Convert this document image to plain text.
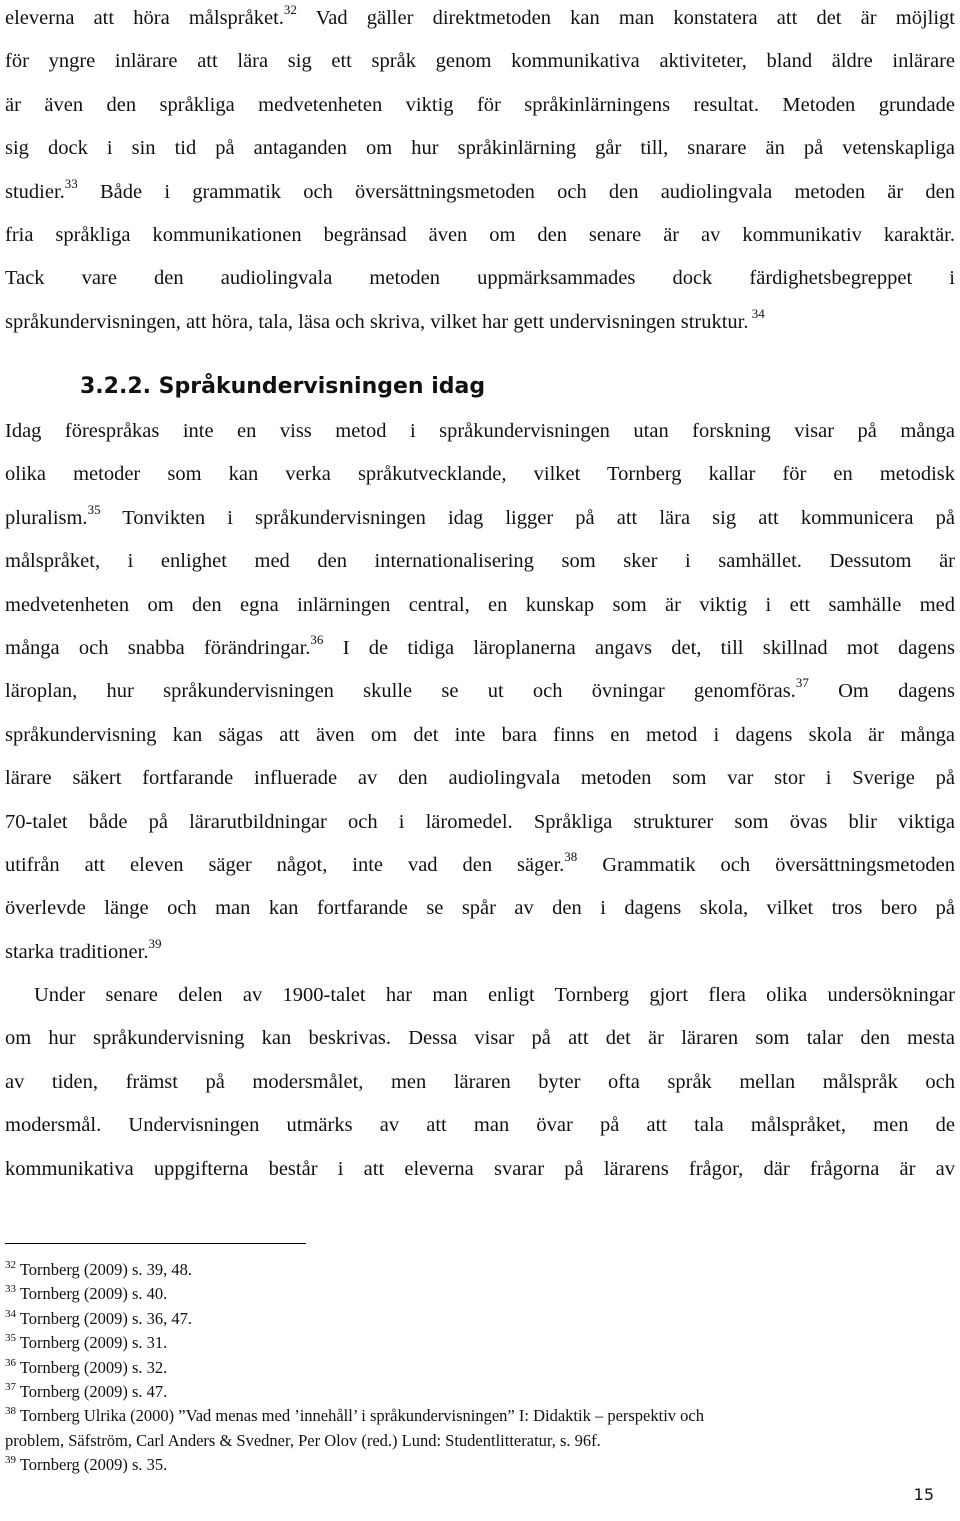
eleverna att höra målspråket.$^{32}$ Vad gäller direktmetoden kan man konstatera att det är möjligt
för yngre inlärare att lära sig ett språk genom kommunikativa aktiviteter, bland äldre inlärare
är även den språkliga medvetenheten viktig för språkinlärningens resultat. Metoden grundade
sig dock i sin tid på antaganden om hur språkinlärning går till, snarare än på vetenskapliga
studier.$^{33}$ Både i grammatik och översättningsmetoden och den audiolingvala metoden är den
fria språkliga kommunikationen begränsad även om den senare är av kommunikativ karaktär.
Tack vare den audiolingvala metoden uppmärksammades dock färdighetsbegreppet i
språkundervisningen, att höra, tala, läsa och skriva, vilket har gett undervisningen struktur. $^{34}$
3.2.2. Språkundervisningen idag
Idag förespråkas inte en viss metod i språkundervisningen utan forskning visar på många
olika metoder som kan verka språkutvecklande, vilket Tornberg kallar för en metodisk
pluralism.$^{35}$ Tonvikten i språkundervisningen idag ligger på att lära sig att kommunicera på
målspråket, i enlighet med den internationalisering som sker i samhället. Dessutom är
medvetenheten om den egna inlärningen central, en kunskap som är viktig i ett samhälle med
många och snabba förändringar.$^{36}$ I de tidiga läroplanerna angavs det, till skillnad mot dagens
läroplan, hur språkundervisningen skulle se ut och övningar genomföras.$^{37}$ Om dagens
språkundervisning kan sägas att även om det inte bara finns en metod i dagens skola är många
lärare säkert fortfarande influerade av den audiolingvala metoden som var stor i Sverige på
70-talet både på lärarutbildningar och i läromedel. Språkliga strukturer som övas blir viktiga
utifrån att eleven säger något, inte vad den säger.$^{38}$ Grammatik och översättningsmetoden
överlevde länge och man kan fortfarande se spår av den i dagens skola, vilket tros bero på
starka traditioner.$^{39}$
Under senare delen av 1900-talet har man enligt Tornberg gjort flera olika undersökningar
om hur språkundervisning kan beskrivas. Dessa visar på att det är läraren som talar den mesta
av tiden, främst på modersmålet, men läraren byter ofta språk mellan målspråk och
modersmål. Undervisningen utmärks av att man övar på att tala målspråket, men de
kommunikativa uppgifterna består i att eleverna svarar på lärarens frågor, där frågorna är av
$^{32}$ Tornberg (2009) s. 39, 48.
$^{33}$ Tornberg (2009) s. 40.
$^{34}$ Tornberg (2009) s. 36, 47.
$^{35}$ Tornberg (2009) s. 31.
$^{36}$ Tornberg (2009) s. 32.
$^{37}$ Tornberg (2009) s. 47.
$^{38}$ Tornberg Ulrika (2000) ”Vad menas med ’innehåll’ i språkundervisningen” I: Didaktik – perspektiv och
problem, Säfström, Carl Anders & Svedner, Per Olov (red.) Lund: Studentlitteratur, s. 96f.
$^{39}$ Tornberg (2009) s. 35.
15
